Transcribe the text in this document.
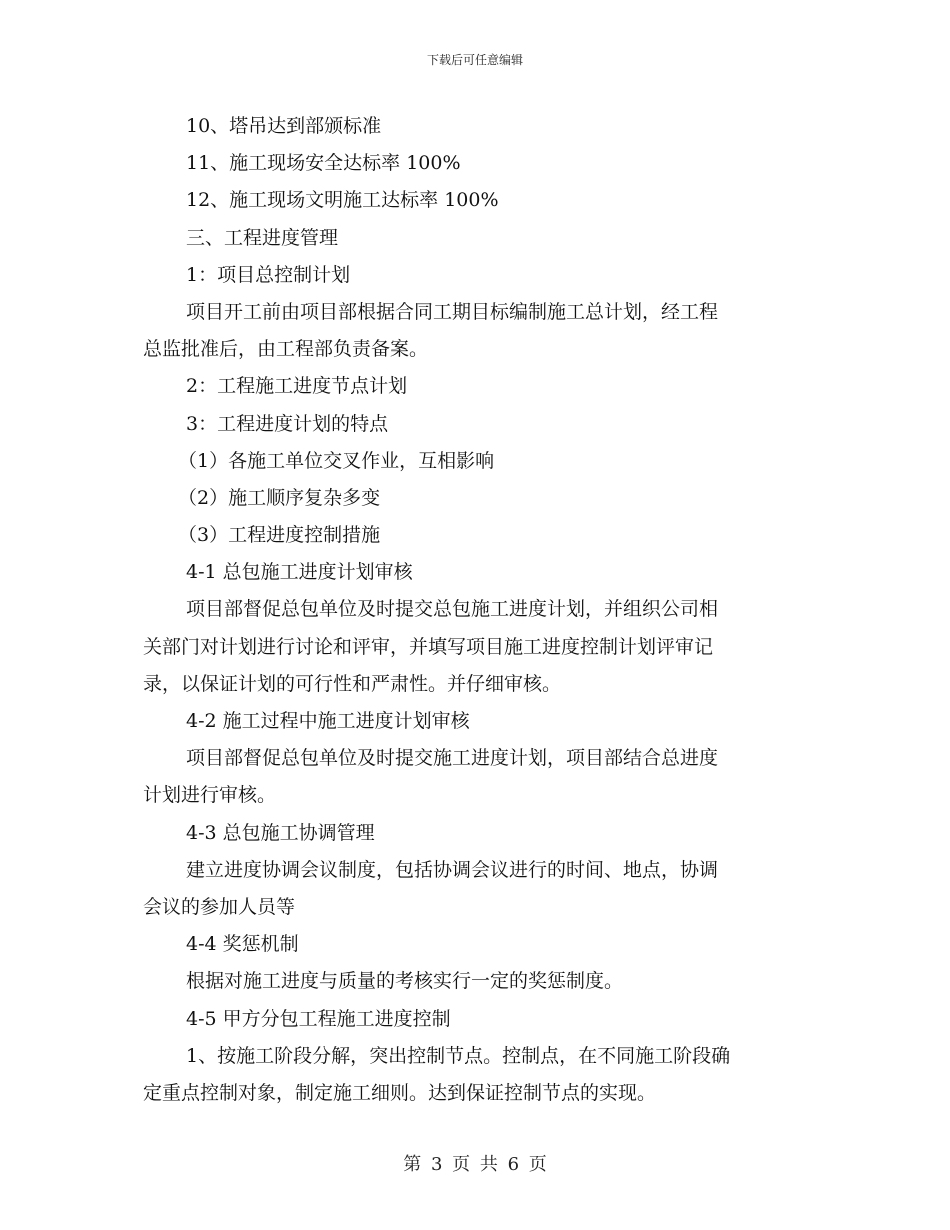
下载后可任意编辑
10、塔吊达到部颁标准
11、施工现场安全达标率 100%
12、施工现场文明施工达标率 100%
三、工程进度管理
1：项目总控制计划
项目开工前由项目部根据合同工期目标编制施工总计划，经工程
总监批准后，由工程部负责备案。
2：工程施工进度节点计划
3：工程进度计划的特点
（1）各施工单位交叉作业，互相影响
（2）施工顺序复杂多变
（3）工程进度控制措施
4-1 总包施工进度计划审核
项目部督促总包单位及时提交总包施工进度计划，并组织公司相
关部门对计划进行讨论和评审，并填写项目施工进度控制计划评审记
录，以保证计划的可行性和严肃性。并仔细审核。
4-2 施工过程中施工进度计划审核
项目部督促总包单位及时提交施工进度计划，项目部结合总进度
计划进行审核。
4-3 总包施工协调管理
建立进度协调会议制度，包括协调会议进行的时间、地点，协调
会议的参加人员等
4-4 奖惩机制
根据对施工进度与质量的考核实行一定的奖惩制度。
4-5 甲方分包工程施工进度控制
1、按施工阶段分解，突出控制节点。控制点，在不同施工阶段确
定重点控制对象，制定施工细则。达到保证控制节点的实现。
第 3 页 共 6 页
